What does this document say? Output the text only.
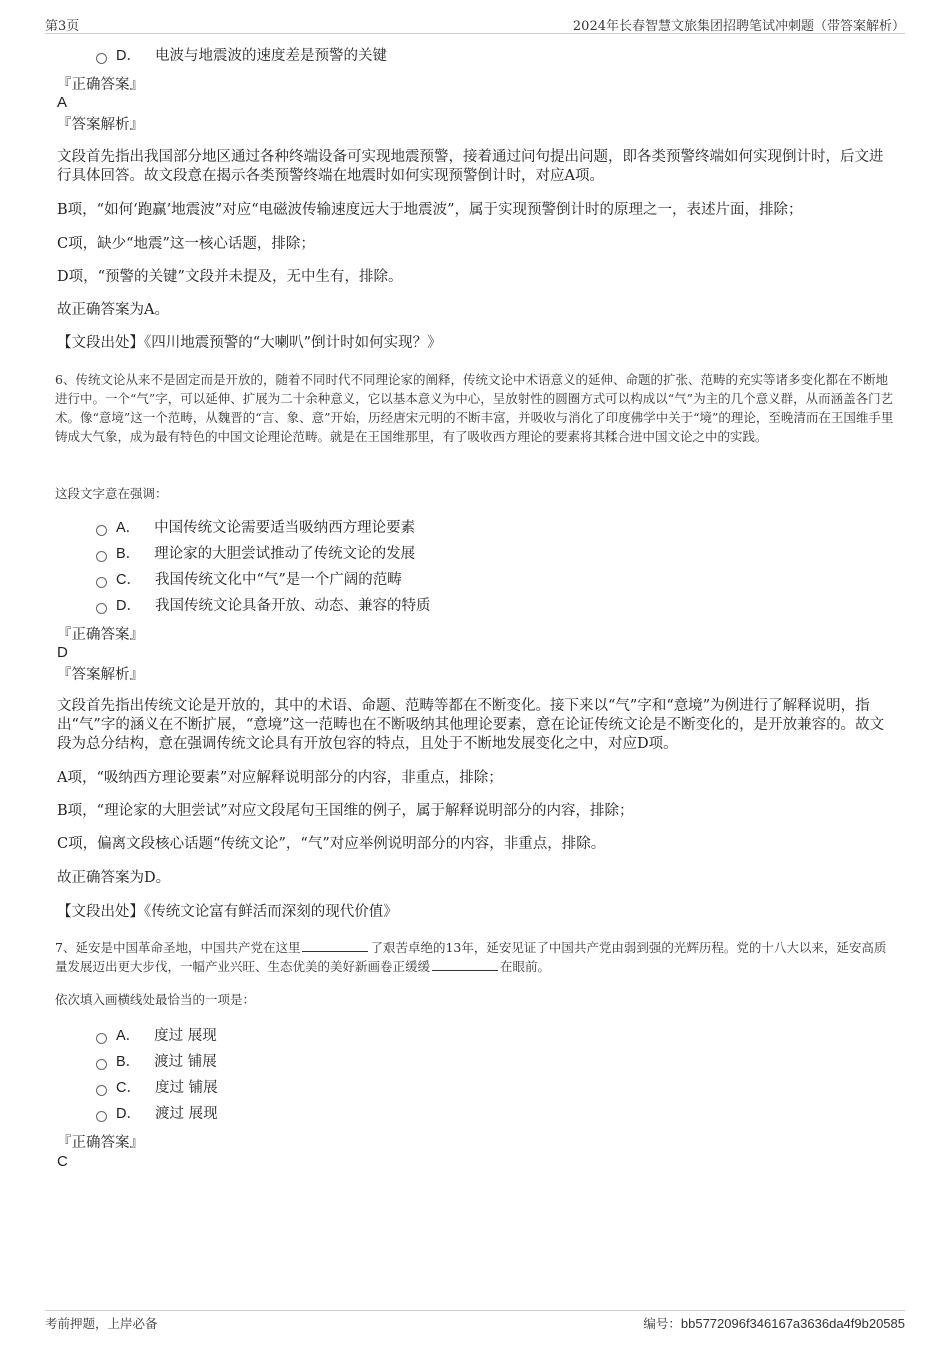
第3页	2024年长春智慧文旅集团招聘笔试冲刺题（带答案解析）
D． 电波与地震波的速度差是预警的关键
『正确答案』
A
『答案解析』
文段首先指出我国部分地区通过各种终端设备可实现地震预警，接着通过问句提出问题，即各类预警终端如何实现倒计时，后文进行具体回答。故文段意在揭示各类预警终端在地震时如何实现预警倒计时，对应A项。
B项，“如何‘跑赢’地震波”对应“电磁波传输速度远大于地震波”，属于实现预警倒计时的原理之一，表述片面，排除；
C项，缺少“地震”这一核心话题，排除；
D项，“预警的关键”文段并未提及，无中生有，排除。
故正确答案为A。
【文段出处】《四川地震预警的“大喇叭”倒计时如何实现？》
6、传统文论从来不是固定而是开放的，随着不同时代不同理论家的阐释，传统文论中术语意义的延伸、命题的扩张、范畴的充实等诸多变化都在不断地进行中。一个“气”字，可以延伸、扩展为二十余种意义，它以基本意义为中心，呈放射性的圆圈方式可以构成以“气”为主的几个意义群，从而涵盖各门艺术。像“意境”这一个范畴，从魏晋的“言、象、意”开始，历经唐宋元明的不断丰富，并吸收与消化了印度佛学中关于“境”的理论，至晚清而在王国维手里铸成大气象，成为最有特色的中国文论理论范畴。就是在王国维那里，有了吸收西方理论的要素将其糅合进中国文论之中的实践。
这段文字意在强调：
A． 中国传统文论需要适当吸纳西方理论要素
B． 理论家的大胆尝试推动了传统文论的发展
C． 我国传统文化中“气”是一个广阔的范畴
D． 我国传统文论具备开放、动态、兼容的特质
『正确答案』
D
『答案解析』
文段首先指出传统文论是开放的，其中的术语、命题、范畴等都在不断变化。接下来以“气”字和“意境”为例进行了解释说明，指出“气”字的涵义在不断扩展，“意境”这一范畴也在不断吸纳其他理论要素，意在论证传统文论是不断变化的，是开放兼容的。故文段为总分结构，意在强调传统文论具有开放包容的特点，且处于不断地发展变化之中，对应D项。
A项，“吸纳西方理论要素”对应解释说明部分的内容，非重点，排除；
B项，“理论家的大胆尝试”对应文段尾句王国维的例子，属于解释说明部分的内容，排除；
C项，偏离文段核心话题“传统文论”，“气”对应举例说明部分的内容，非重点，排除。
故正确答案为D。
【文段出处】《传统文论富有鲜活而深刻的现代价值》
7、延安是中国革命圣地，中国共产党在这里	了艰苦卓绝的13年，延安见证了中国共产党由弱到强的光辉历程。党的十八大以来，延安高质量发展迈出更大步伐，一幅产业兴旺、生态优美的美好新画卷正缓缓	在眼前。
依次填入画横线处最恰当的一项是：
A． 度过 展现
B． 渡过 铺展
C． 度过 铺展
D． 渡过 展现
『正确答案』
C
考前押题，上岸必备	编号：bb5772096f346167a3636da4f9b20585
